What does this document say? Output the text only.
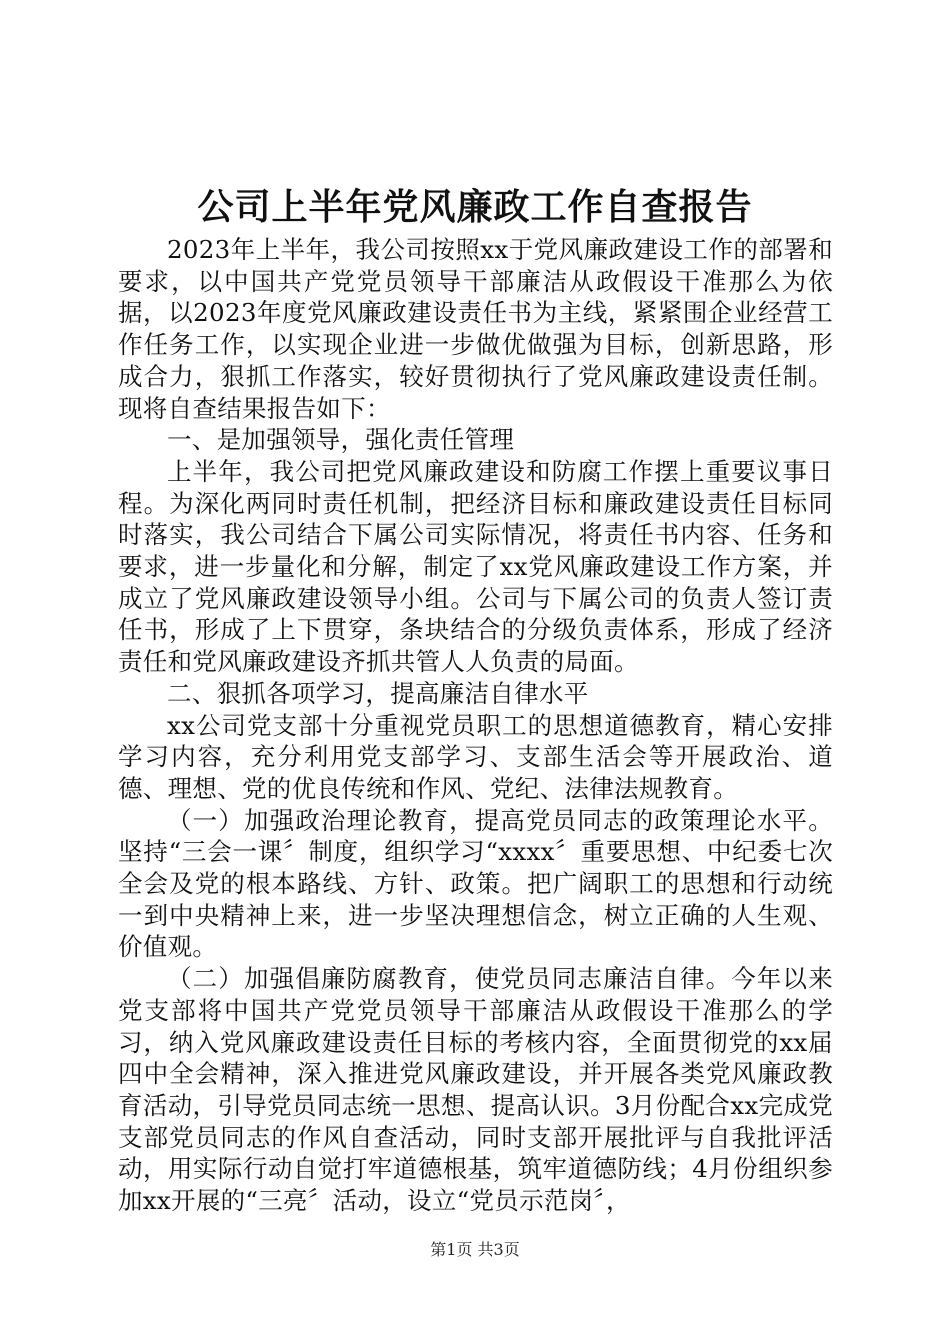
公司上半年党风廉政工作自查报告

2023年上半年，我公司按照xx于党风廉政建设工作的部署和要求，以中国共产党党员领导干部廉洁从政假设干准那么为依据，以2023年度党风廉政建设责任书为主线，紧紧围企业经营工作任务工作，以实现企业进一步做优做强为目标，创新思路，形成合力，狠抓工作落实，较好贯彻执行了党风廉政建设责任制。现将自查结果报告如下：

一、是加强领导，强化责任管理

上半年，我公司把党风廉政建设和防腐工作摆上重要议事日程。为深化两同时责任机制，把经济目标和廉政建设责任目标同时落实，我公司结合下属公司实际情况，将责任书内容、任务和要求，进一步量化和分解，制定了xx党风廉政建设工作方案，并成立了党风廉政建设领导小组。公司与下属公司的负责人签订责任书，形成了上下贯穿，条块结合的分级负责体系，形成了经济责任和党风廉政建设齐抓共管人人负责的局面。

二、狠抓各项学习，提高廉洁自律水平

xx公司党支部十分重视党员职工的思想道德教育，精心安排学习内容，充分利用党支部学习、支部生活会等开展政治、道德、理想、党的优良传统和作风、党纪、法律法规教育。

（一）加强政治理论教育，提高党员同志的政策理论水平。坚持“三会一课〞制度，组织学习“xxxx〞重要思想、中纪委七次全会及党的根本路线、方针、政策。把广阔职工的思想和行动统一到中央精神上来，进一步坚决理想信念，树立正确的人生观、价值观。

（二）加强倡廉防腐教育，使党员同志廉洁自律。今年以来党支部将中国共产党党员领导干部廉洁从政假设干准那么的学习，纳入党风廉政建设责任目标的考核内容，全面贯彻党的xx届四中全会精神，深入推进党风廉政建设，并开展各类党风廉政教育活动，引导党员同志统一思想、提高认识。3月份配合xx完成党支部党员同志的作风自查活动，同时支部开展批评与自我批评活动，用实际行动自觉打牢道德根基，筑牢道德防线；4月份组织参加xx开展的“三亮〞活动，设立“党员示范岗〞，

第1页 共3页
